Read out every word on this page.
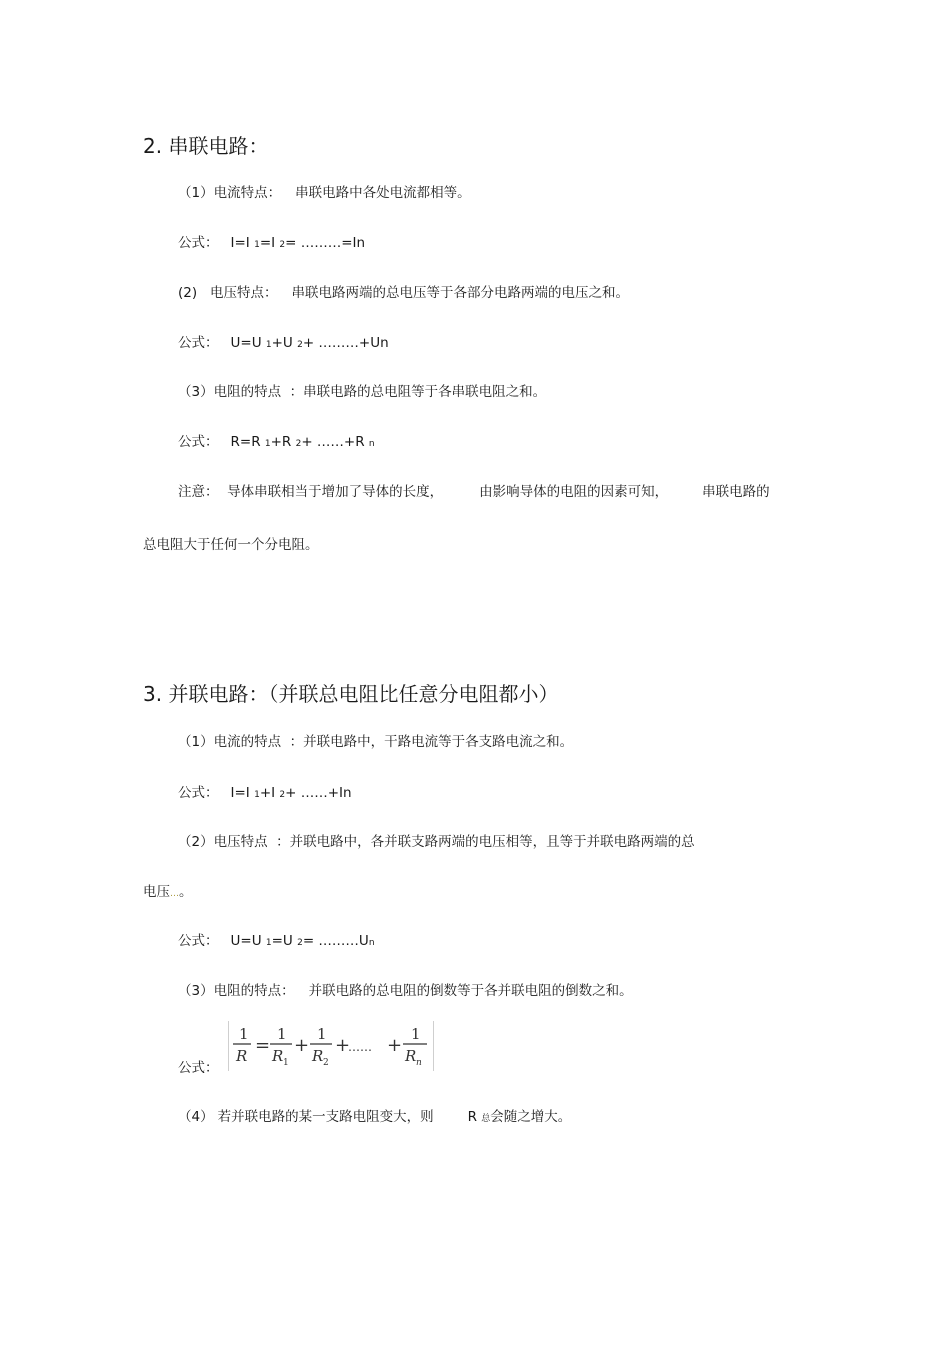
2. 串联电路：
（1）电流特点： 串联电路中各处电流都相等。
公式： I=I 1=I 2= ………=In
(2)   电压特点： 串联电路两端的总电压等于各部分电路两端的电压之和。
公式： U=U 1+U 2+ ………+Un
（3）电阻的特点  ：串联电路的总电阻等于各串联电阻之和。
公式： R=R 1+R 2+ ……+R n
注意：  导体串联相当于增加了导体的长度，	由影响导体的电阻的因素可知，	串联电路的
总电阻大于任何一个分电阻。
3. 并联电路：（并联总电阻比任意分电阻都小）
（1）电流的特点  ：并联电路中，干路电流等于各支路电流之和。
公式： I=I 1+I 2+ ……+In
（2）电压特点  ：并联电路中，各并联支路两端的电压相等，且等于并联电路两端的总
电压…。
公式： U=U 1=U 2= ………Un
（3）电阻的特点： 并联电路的总电阻的倒数等于各并联电阻的倒数之和。
公式：
1
R =
1
R 1
+
1
R 2
+
…… +
1
R n
（4） 若并联电路的某一支路电阻变大，则	R 总会随之增大。
